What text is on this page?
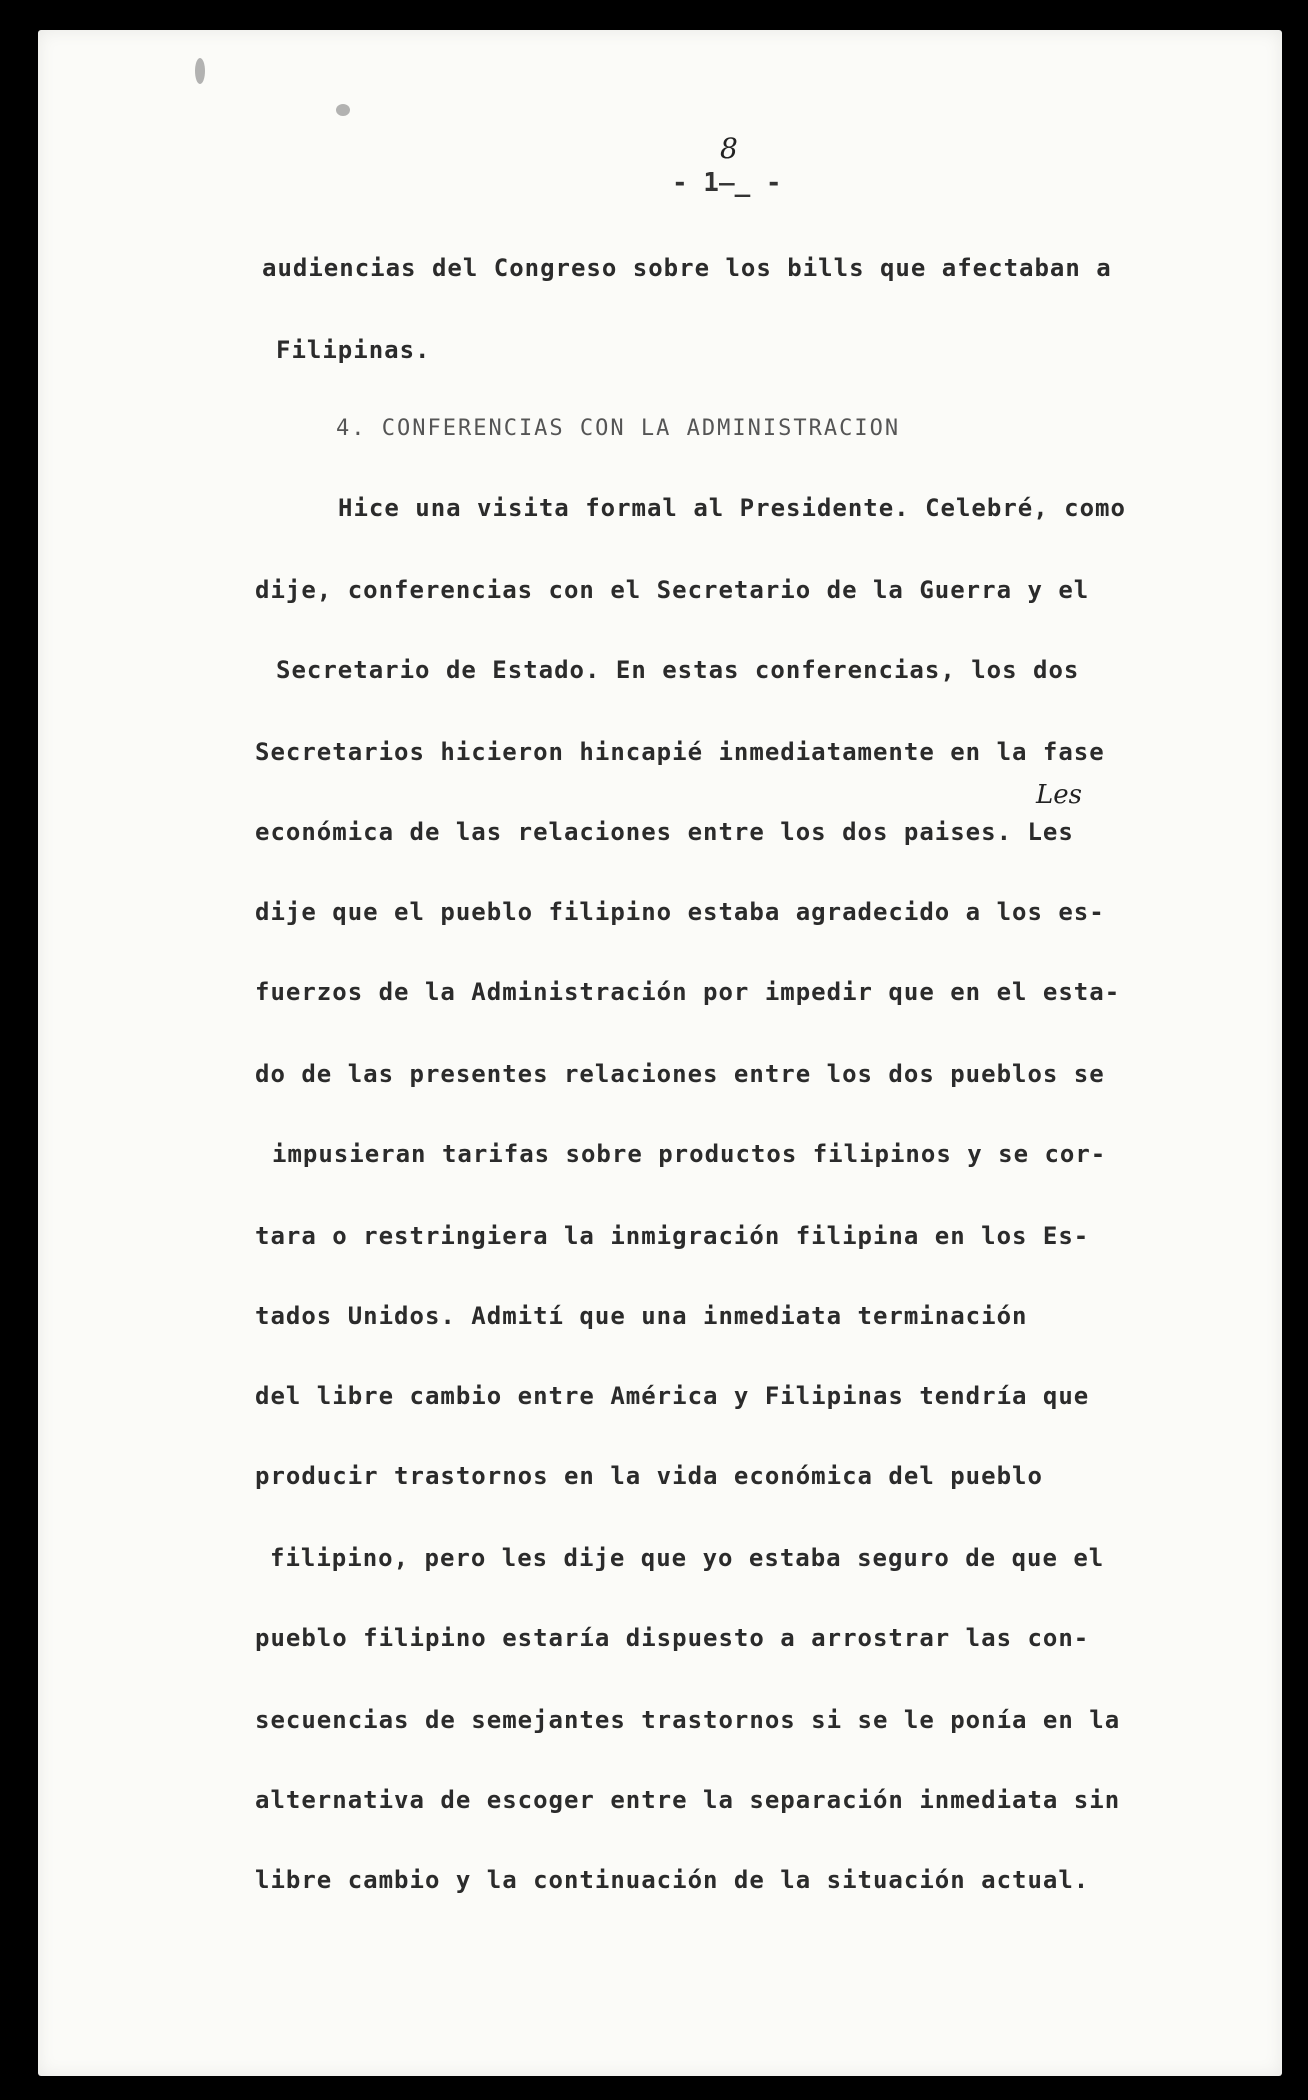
- 1̶̲ -
8
Les
audiencias del Congreso sobre los bills que afectaban a
Filipinas.
4. CONFERENCIAS CON LA ADMINISTRACION
Hice una visita formal al Presidente. Celebré, como
dije, conferencias con el Secretario de la Guerra y el
Secretario de Estado. En estas conferencias, los dos
Secretarios hicieron hincapié inmediatamente en la fase
económica de las relaciones entre los dos paises. Les
dije que el pueblo filipino estaba agradecido a los es-
fuerzos de la Administración por impedir que en el esta-
do de las presentes relaciones entre los dos pueblos se
impusieran tarifas sobre productos filipinos y se cor-
tara o restringiera la inmigración filipina en los Es-
tados Unidos. Admití que una inmediata terminación
del libre cambio entre América y Filipinas tendría que
producir trastornos en la vida económica del pueblo
filipino, pero les dije que yo estaba seguro de que el
pueblo filipino estaría dispuesto a arrostrar las con-
secuencias de semejantes trastornos si se le ponía en la
alternativa de escoger entre la separación inmediata sin
libre cambio y la continuación de la situación actual.
